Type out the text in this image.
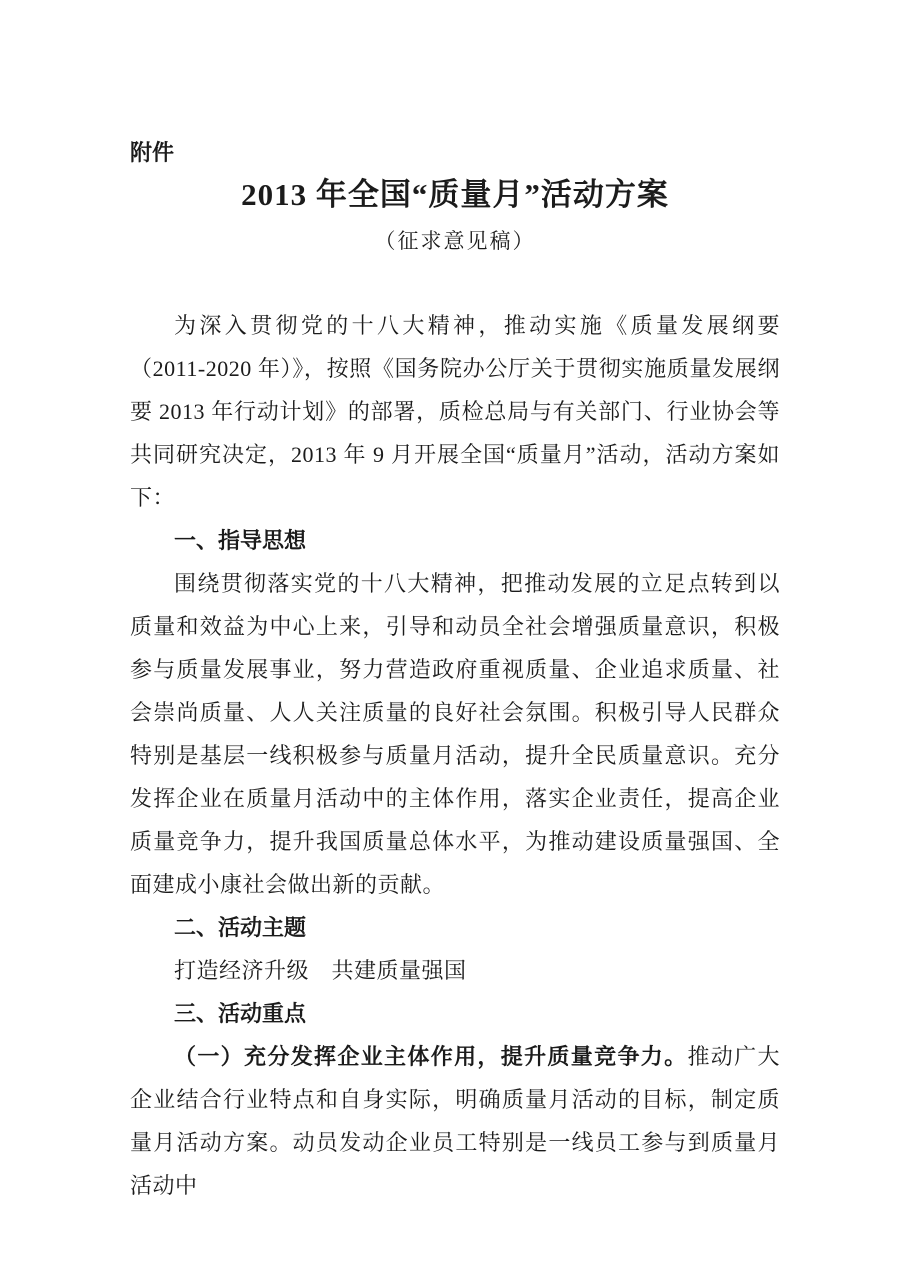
附件
2013 年全国“质量月”活动方案
（征求意见稿）

为深入贯彻党的十八大精神，推动实施《质量发展纲要（2011-2020 年）》，按照《国务院办公厅关于贯彻实施质量发展纲要 2013 年行动计划》的部署，质检总局与有关部门、行业协会等共同研究决定，2013 年 9 月开展全国“质量月”活动，活动方案如下：

一、指导思想

围绕贯彻落实党的十八大精神，把推动发展的立足点转到以质量和效益为中心上来，引导和动员全社会增强质量意识，积极参与质量发展事业，努力营造政府重视质量、企业追求质量、社会崇尚质量、人人关注质量的良好社会氛围。积极引导人民群众特别是基层一线积极参与质量月活动，提升全民质量意识。充分发挥企业在质量月活动中的主体作用，落实企业责任，提高企业质量竞争力，提升我国质量总体水平，为推动建设质量强国、全面建成小康社会做出新的贡献。

二、活动主题

打造经济升级　共建质量强国

三、活动重点

（一）充分发挥企业主体作用，提升质量竞争力。推动广大企业结合行业特点和自身实际，明确质量月活动的目标，制定质量月活动方案。动员发动企业员工特别是一线员工参与到质量月活动中
